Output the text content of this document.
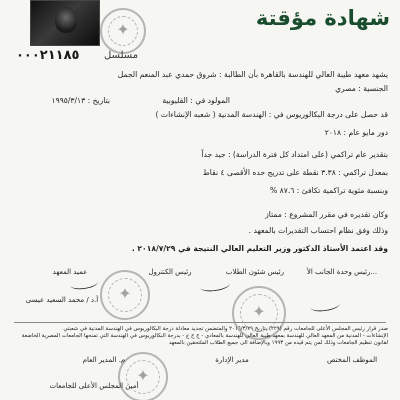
✦	شهادة مؤقتة
٠٠٠٢١١٨٥ مسلسل
يشهد معهد طيبة العالي للهندسة بالقاهرة بأن الطالبة : شروق حمدي عبد المنعم الجمل
الجنسية : مصري
المولود في : القليوبية
بتاريخ : ١٩٩٥/٣/١٣
قد حصل على درجة البكالوريوس في : الهندسة المدنية ( شعبه الإنشاءات )
دور مايو عام : ٢٠١٨
بتقدير عام تراكمي (على امتداد كل فترة الدراسة) : جيد جداً
بمعدل تراكمي : ٣.٣٨ نقطة على تدريج حده الأقصى ٤ نقاط
وبنسبة مئوية تراكمية تكافئ : ٨٧.٦ %
وكان تقديره في مقرر المشروع : ممتاز
وذلك وفق نظام احتساب التقديرات بالمعهد .
وقد اعتمد الأستاذ الدكتور وزير التعليم العالي النتيجة في ٢٠١٨/٧/٢٩ .
رئيس وحدة الجانب الأ...
رئيس شئون الطلاب
رئيس الكنترول
عميد المعهد
✦
✦
أ.د / محمد السعيد عيسى
صدر قرار رئيس المجلس الأعلى للجامعات رقم (٢٢٩) بتاريخ ٢٠١٦/٣/٢٩ والمتضمن تجديد معادلة درجة البكالوريوس في الهندسة المدنية في شعبتي
الإنشاءات - المدنية من المعهد العالي للهندسة بمعهد طيبة العالي للهندسة بالمعادي - ج ج ع - بدرجة البكالوريوس في الهندسة التي تمنحها الجامعات المصرية الخاضعة
لقانون تنظيم الجامعات وذلك لمن يتم قيده من ١٩٩٣ وبالإضافة الى جميع الطلاب الملتحقين بالمعهد
الموظف المختص
مدير الإدارة
م. المدير العام
أمين المجلس الأعلى للجامعات
✦
